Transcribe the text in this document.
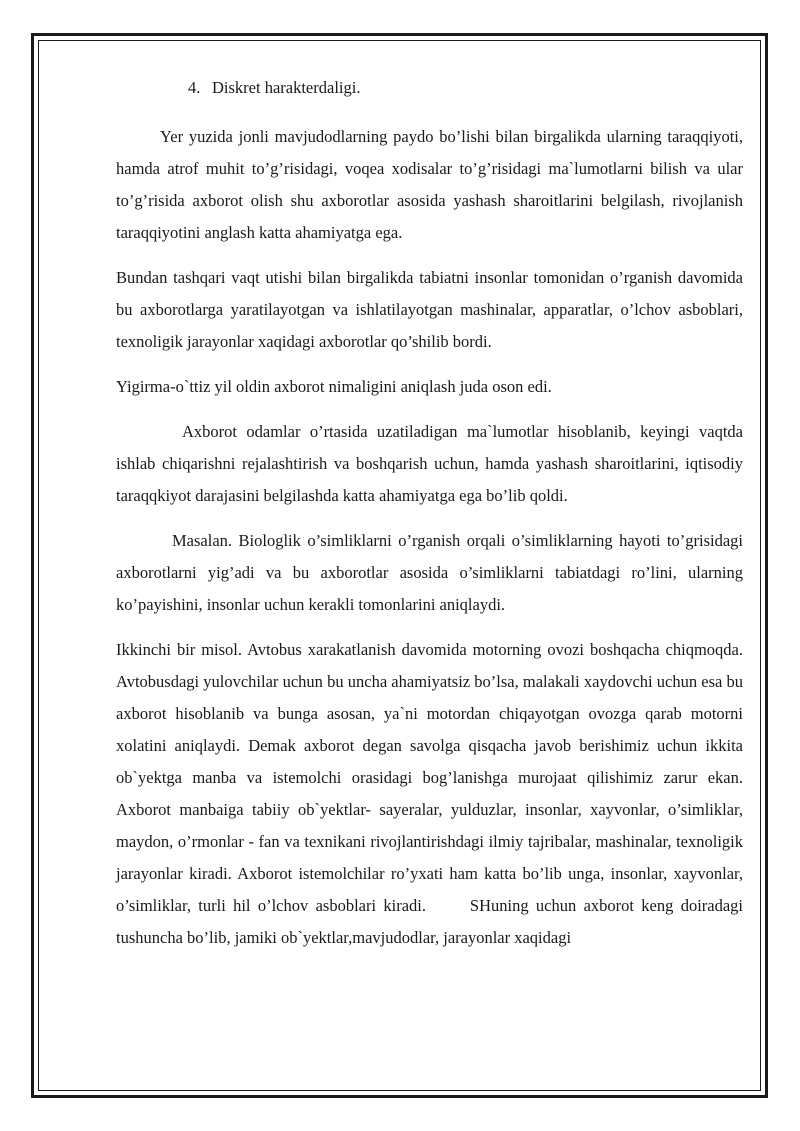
4. Diskret harakterdaligi.

Yer yuzida jonli mavjudodlarning paydo bo’lishi bilan birgalikda ularning taraqqiyoti, hamda atrof muhit to’g’risidagi, voqea xodisalar to’g’risidagi ma`lumotlarni bilish va ular to’g’risida axborot olish shu axborotlar asosida yashash sharoitlarini belgilash, rivojlanish taraqqiyotini anglash katta ahamiyatga ega.

Bundan tashqari vaqt utishi bilan birgalikda tabiatni insonlar tomonidan o’rganish davomida bu axborotlarga yaratilayotgan va ishlatilayotgan mashinalar, apparatlar, o’lchov asboblari, texnoligik jarayonlar xaqidagi axborotlar qo’shilib bordi.

Yigirma-o`ttiz yil oldin axborot nimaligini aniqlash juda oson edi.

Axborot odamlar o’rtasida uzatiladigan ma`lumotlar hisoblanib, keyingi vaqtda ishlab chiqarishni rejalashtirish va boshqarish uchun, hamda yashash sharoitlarini, iqtisodiy taraqqkiyot darajasini belgilashda katta ahamiyatga ega bo’lib qoldi.

Masalan. Biologlik o’simliklarni o’rganish orqali o’simliklarning hayoti to’grisidagi axborotlarni yig’adi va bu axborotlar asosida o’simliklarni tabiatdagi ro’lini, ularning ko’payishini, insonlar uchun kerakli tomonlarini aniqlaydi.

Ikkinchi bir misol. Avtobus xarakatlanish davomida motorning ovozi boshqacha chiqmoqda. Avtobusdagi yulovchilar uchun bu uncha ahamiyatsiz bo’lsa, malakali xaydovchi uchun esa bu axborot hisoblanib va bunga asosan, ya`ni motordan chiqayotgan ovozga qarab motorni xolatini aniqlaydi. Demak axborot degan savolga qisqacha javob berishimiz uchun ikkita ob`yektga manba va istemolchi orasidagi bog’lanishga murojaat qilishimiz zarur ekan. Axborot manbaiga tabiiy ob`yektlar- sayeralar, yulduzlar, insonlar, xayvonlar, o’simliklar, maydon, o’rmonlar - fan va texnikani rivojlantirishdagi ilmiy tajribalar, mashinalar, texnoligik jarayonlar kiradi. Axborot istemolchilar ro’yxati ham katta bo’lib unga, insonlar, xayvonlar, o’simliklar, turli hil o’lchov asboblari kiradi.      SHuning uchun axborot keng doiradagi tushuncha bo’lib, jamiki ob`yektlar,mavjudodlar, jarayonlar xaqidagi
